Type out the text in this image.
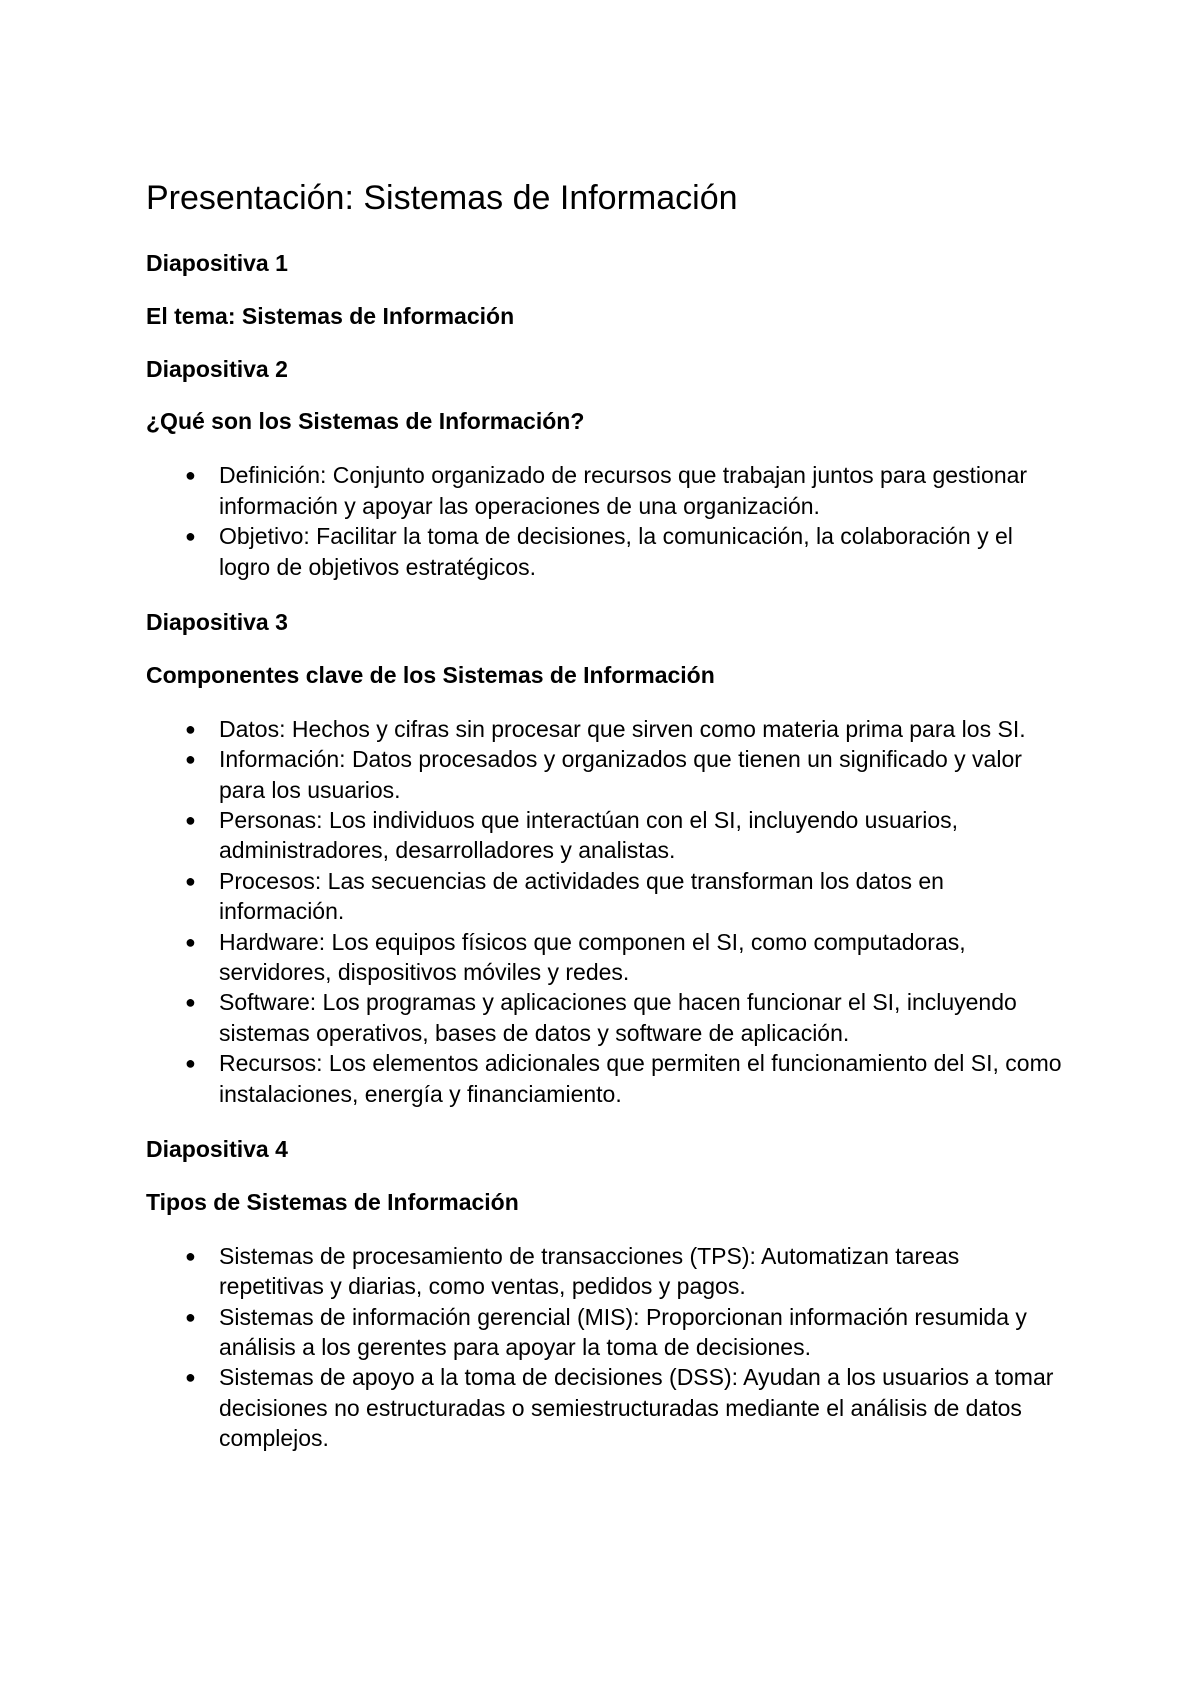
Presentación: Sistemas de Información
Diapositiva 1
El tema: Sistemas de Información
Diapositiva 2
¿Qué son los Sistemas de Información?
● Definición: Conjunto organizado de recursos que trabajan juntos para gestionar información y apoyar las operaciones de una organización.
● Objetivo: Facilitar la toma de decisiones, la comunicación, la colaboración y el logro de objetivos estratégicos.
Diapositiva 3
Componentes clave de los Sistemas de Información
● Datos: Hechos y cifras sin procesar que sirven como materia prima para los SI.
● Información: Datos procesados y organizados que tienen un significado y valor para los usuarios.
● Personas: Los individuos que interactúan con el SI, incluyendo usuarios, administradores, desarrolladores y analistas.
● Procesos: Las secuencias de actividades que transforman los datos en información.
● Hardware: Los equipos físicos que componen el SI, como computadoras, servidores, dispositivos móviles y redes.
● Software: Los programas y aplicaciones que hacen funcionar el SI, incluyendo sistemas operativos, bases de datos y software de aplicación.
● Recursos: Los elementos adicionales que permiten el funcionamiento del SI, como instalaciones, energía y financiamiento.
Diapositiva 4
Tipos de Sistemas de Información
● Sistemas de procesamiento de transacciones (TPS): Automatizan tareas repetitivas y diarias, como ventas, pedidos y pagos.
● Sistemas de información gerencial (MIS): Proporcionan información resumida y análisis a los gerentes para apoyar la toma de decisiones.
● Sistemas de apoyo a la toma de decisiones (DSS): Ayudan a los usuarios a tomar decisiones no estructuradas o semiestructuradas mediante el análisis de datos complejos.
